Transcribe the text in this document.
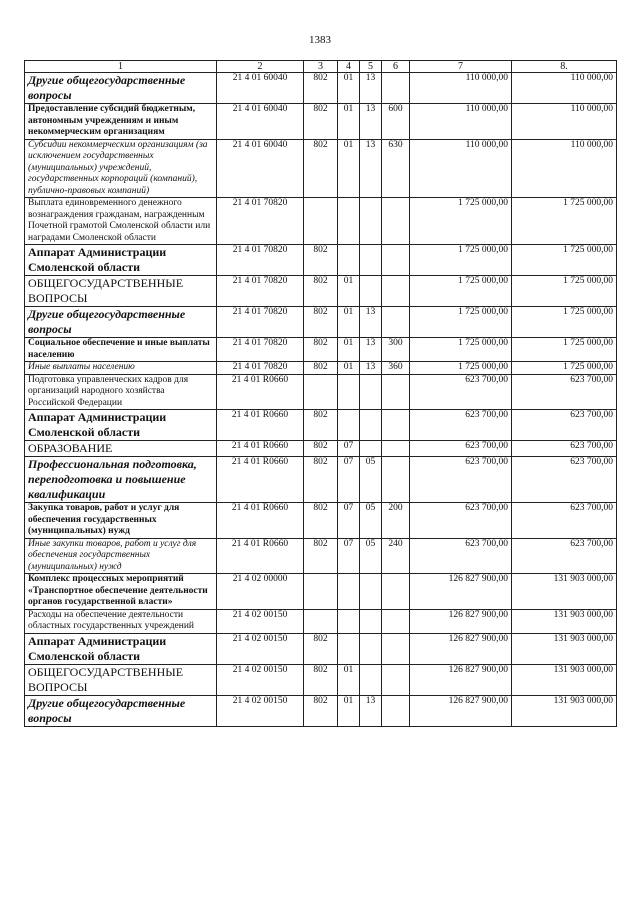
1383
1	2	3	4	5	6	7	8.
Другие общегосударственные вопросы	21 4 01 60040	802	01	13		110 000,00	110 000,00
Предоставление субсидий бюджетным, автономным учреждениям и иным некоммерческим организациям	21 4 01 60040	802	01	13	600	110 000,00	110 000,00
Субсидии некоммерческим организациям (за исключением государственных (муниципальных) учреждений, государственных корпораций (компаний), публично-правовых компаний)	21 4 01 60040	802	01	13	630	110 000,00	110 000,00
Выплата единовременного денежного вознаграждения гражданам, награжденным Почетной грамотой Смоленской области или наградами Смоленской области	21 4 01 70820					1 725 000,00	1 725 000,00
Аппарат Администрации Смоленской области	21 4 01 70820	802				1 725 000,00	1 725 000,00
ОБЩЕГОСУДАРСТВЕННЫЕ ВОПРОСЫ	21 4 01 70820	802	01			1 725 000,00	1 725 000,00
Другие общегосударственные вопросы	21 4 01 70820	802	01	13		1 725 000,00	1 725 000,00
Социальное обеспечение и иные выплаты населению	21 4 01 70820	802	01	13	300	1 725 000,00	1 725 000,00
Иные выплаты населению	21 4 01 70820	802	01	13	360	1 725 000,00	1 725 000,00
Подготовка управленческих кадров для организаций народного хозяйства Российской Федерации	21 4 01 R0660					623 700,00	623 700,00
Аппарат Администрации Смоленской области	21 4 01 R0660	802				623 700,00	623 700,00
ОБРАЗОВАНИЕ	21 4 01 R0660	802	07			623 700,00	623 700,00
Профессиональная подготовка, переподготовка и повышение квалификации	21 4 01 R0660	802	07	05		623 700,00	623 700,00
Закупка товаров, работ и услуг для обеспечения государственных (муниципальных) нужд	21 4 01 R0660	802	07	05	200	623 700,00	623 700,00
Иные закупки товаров, работ и услуг для обеспечения государственных (муниципальных) нужд	21 4 01 R0660	802	07	05	240	623 700,00	623 700,00
Комплекс процессных мероприятий «Транспортное обеспечение деятельности органов государственной власти»	21 4 02 00000					126 827 900,00	131 903 000,00
Расходы на обеспечение деятельности областных государственных учреждений	21 4 02 00150					126 827 900,00	131 903 000,00
Аппарат Администрации Смоленской области	21 4 02 00150	802				126 827 900,00	131 903 000,00
ОБЩЕГОСУДАРСТВЕННЫЕ ВОПРОСЫ	21 4 02 00150	802	01			126 827 900,00	131 903 000,00
Другие общегосударственные вопросы	21 4 02 00150	802	01	13		126 827 900,00	131 903 000,00
